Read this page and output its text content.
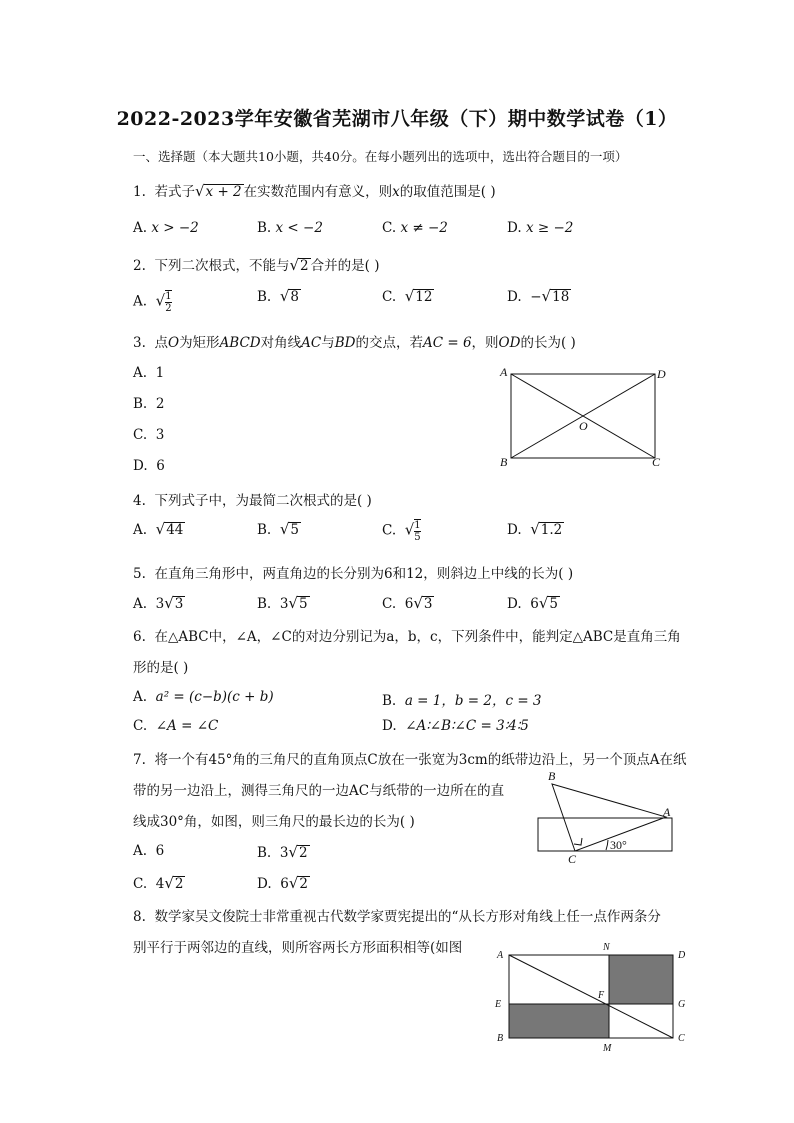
2022-2023学年安徽省芜湖市八年级（下）期中数学试卷（1）
一、选择题（本大题共10小题，共40分。在每小题列出的选项中，选出符合题目的一项）
1. 若式子√x + 2 在实数范围内有意义，则x的取值范围是( )
A. x > −2	B. x < −2	C. x ≠ −2	D. x ≥ −2
2. 下列二次根式，不能与√2 合并的是( )
A. √ $\frac{1}{2}$	B. √8	C. √12	D. −√18
3. 点O为矩形ABCD对角线AC与BD的交点，若AC = 6，则OD的长为( )
A. 1
B. 2
C. 3
D. 6
A	D
B	C
O
4. 下列式子中，为最简二次根式的是( )
A. √44	B. √5	C. √ $\frac{1}{5}$	D. √1.2
5. 在直角三角形中，两直角边的长分别为6和12，则斜边上中线的长为( )
A. 3√3	B. 3√5	C. 6√3	D. 6√5
6. 在△ABC中，∠A，∠C的对边分别记为a，b，c，下列条件中，能判定△ABC是直角三角
形的是( )
A. a² = (c−b)(c + b)	B. a = 1，b = 2，c = 3
C. ∠A = ∠C	D. ∠A∶∠B∶∠C = 3∶4∶5
7. 将一个有45°角的三角尺的直角顶点C放在一张宽为3cm的纸带边沿上，另一个顶点A在纸
带的另一边沿上，测得三角尺的一边AC与纸带的一边所在的直
线成30°角，如图，则三角尺的最长边的长为( )
A. 6	B. 3√2
C. 4√2	D. 6√2
B
A
C
30°
8. 数学家吴文俊院士非常重视古代数学家贾宪提出的“从长方形对角线上任一点作两条分
别平行于两邻边的直线，则所容两长方形面积相等(如图	A
N
D
E
F
G
B
M
C
